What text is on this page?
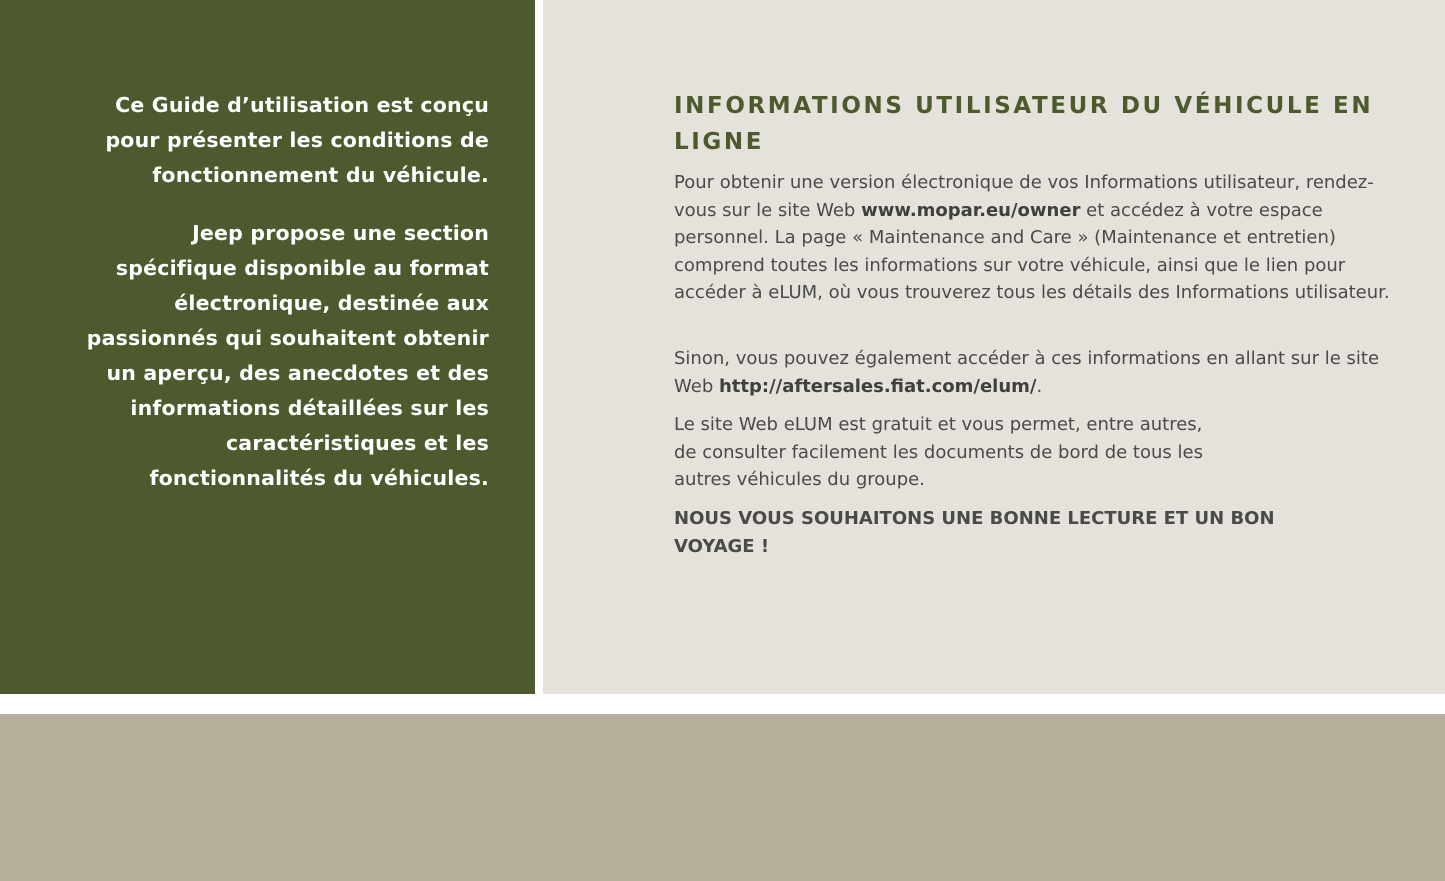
Ce Guide d’utilisation est conçu pour présenter les conditions de fonctionnement du véhicule.

Jeep propose une section spécifique disponible au format électronique, destinée aux passionnés qui souhaitent obtenir un aperçu, des anecdotes et des informations détaillées sur les caractéristiques et les fonctionnalités du véhicules.

INFORMATIONS UTILISATEUR DU VÉHICULE EN LIGNE

Pour obtenir une version électronique de vos Informations utilisateur, rendez-vous sur le site Web www.mopar.eu/owner et accédez à votre espace personnel. La page « Maintenance and Care » (Maintenance et entretien) comprend toutes les informations sur votre véhicule, ainsi que le lien pour accéder à eLUM, où vous trouverez tous les détails des Informations utilisateur.

Sinon, vous pouvez également accéder à ces informations en allant sur le site Web http://aftersales.fiat.com/elum/.

Le site Web eLUM est gratuit et vous permet, entre autres, de consulter facilement les documents de bord de tous les autres véhicules du groupe.

NOUS VOUS SOUHAITONS UNE BONNE LECTURE ET UN BON VOYAGE !
